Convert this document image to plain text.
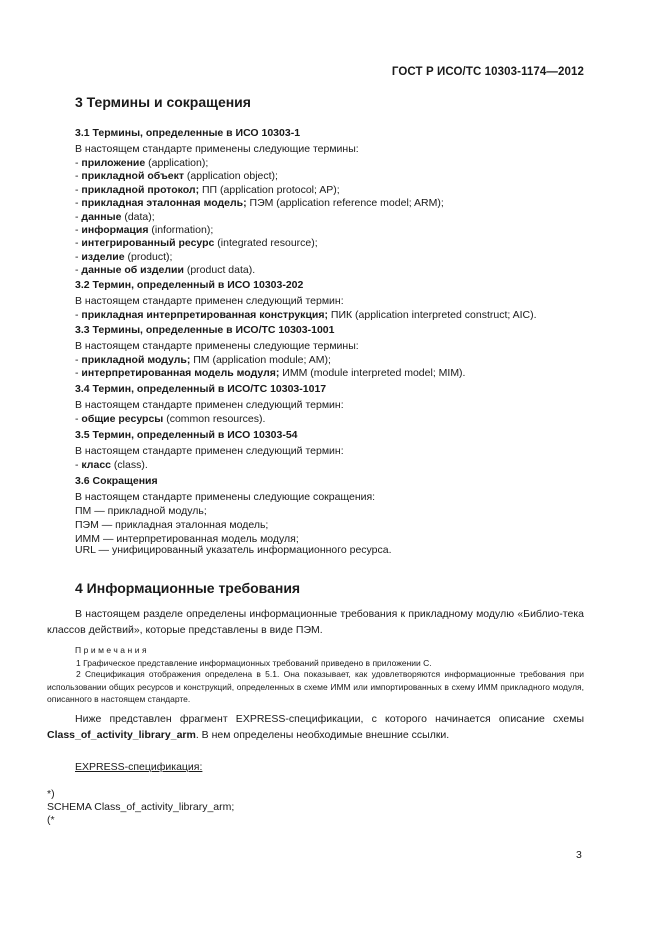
ГОСТ Р ИСО/ТС 10303-1174—2012
3 Термины и сокращения
3.1 Термины, определенные в ИСО 10303-1
В настоящем стандарте применены следующие термины:
- приложение (application);
- прикладной объект (application object);
- прикладной протокол; ПП (application protocol; AP);
- прикладная эталонная модель; ПЭМ (application reference model; ARM);
- данные (data);
- информация (information);
- интегрированный ресурс (integrated resource);
- изделие (product);
- данные об изделии (product data).
3.2 Термин, определенный в ИСО 10303-202
В настоящем стандарте применен следующий термин:
- прикладная интерпретированная конструкция; ПИК (application interpreted construct; AIC).
3.3 Термины, определенные в ИСО/ТС 10303-1001
В настоящем стандарте применены следующие термины:
- прикладной модуль; ПМ (application module; AM);
- интерпретированная модель модуля; ИММ (module interpreted model; MIM).
3.4 Термин, определенный в ИСО/ТС 10303-1017
В настоящем стандарте применен следующий термин:
- общие ресурсы (common resources).
3.5 Термин, определенный в ИСО 10303-54
В настоящем стандарте применен следующий термин:
- класс (class).
3.6 Сокращения
В настоящем стандарте применены следующие сокращения:
ПМ — прикладной модуль;
ПЭМ — прикладная эталонная модель;
ИММ — интерпретированная модель модуля;
URL — унифицированный указатель информационного ресурса.
4 Информационные требования
В настоящем разделе определены информационные требования к прикладному модулю «Библио-тека классов действий», которые представлены в виде ПЭМ.
Примечания
1 Графическое представление информационных требований приведено в приложении С.
2 Спецификация отображения определена в 5.1. Она показывает, как удовлетворяются информационные требования при использовании общих ресурсов и конструкций, определенных в схеме ИММ или импортированных в схему ИММ прикладного модуля, описанного в настоящем стандарте.
Ниже представлен фрагмент EXPRESS-спецификации, с которого начинается описание схемы Class_of_activity_library_arm. В нем определены необходимые внешние ссылки.
EXPRESS-спецификация:
*)
SCHEMA Class_of_activity_library_arm;
(*
3
